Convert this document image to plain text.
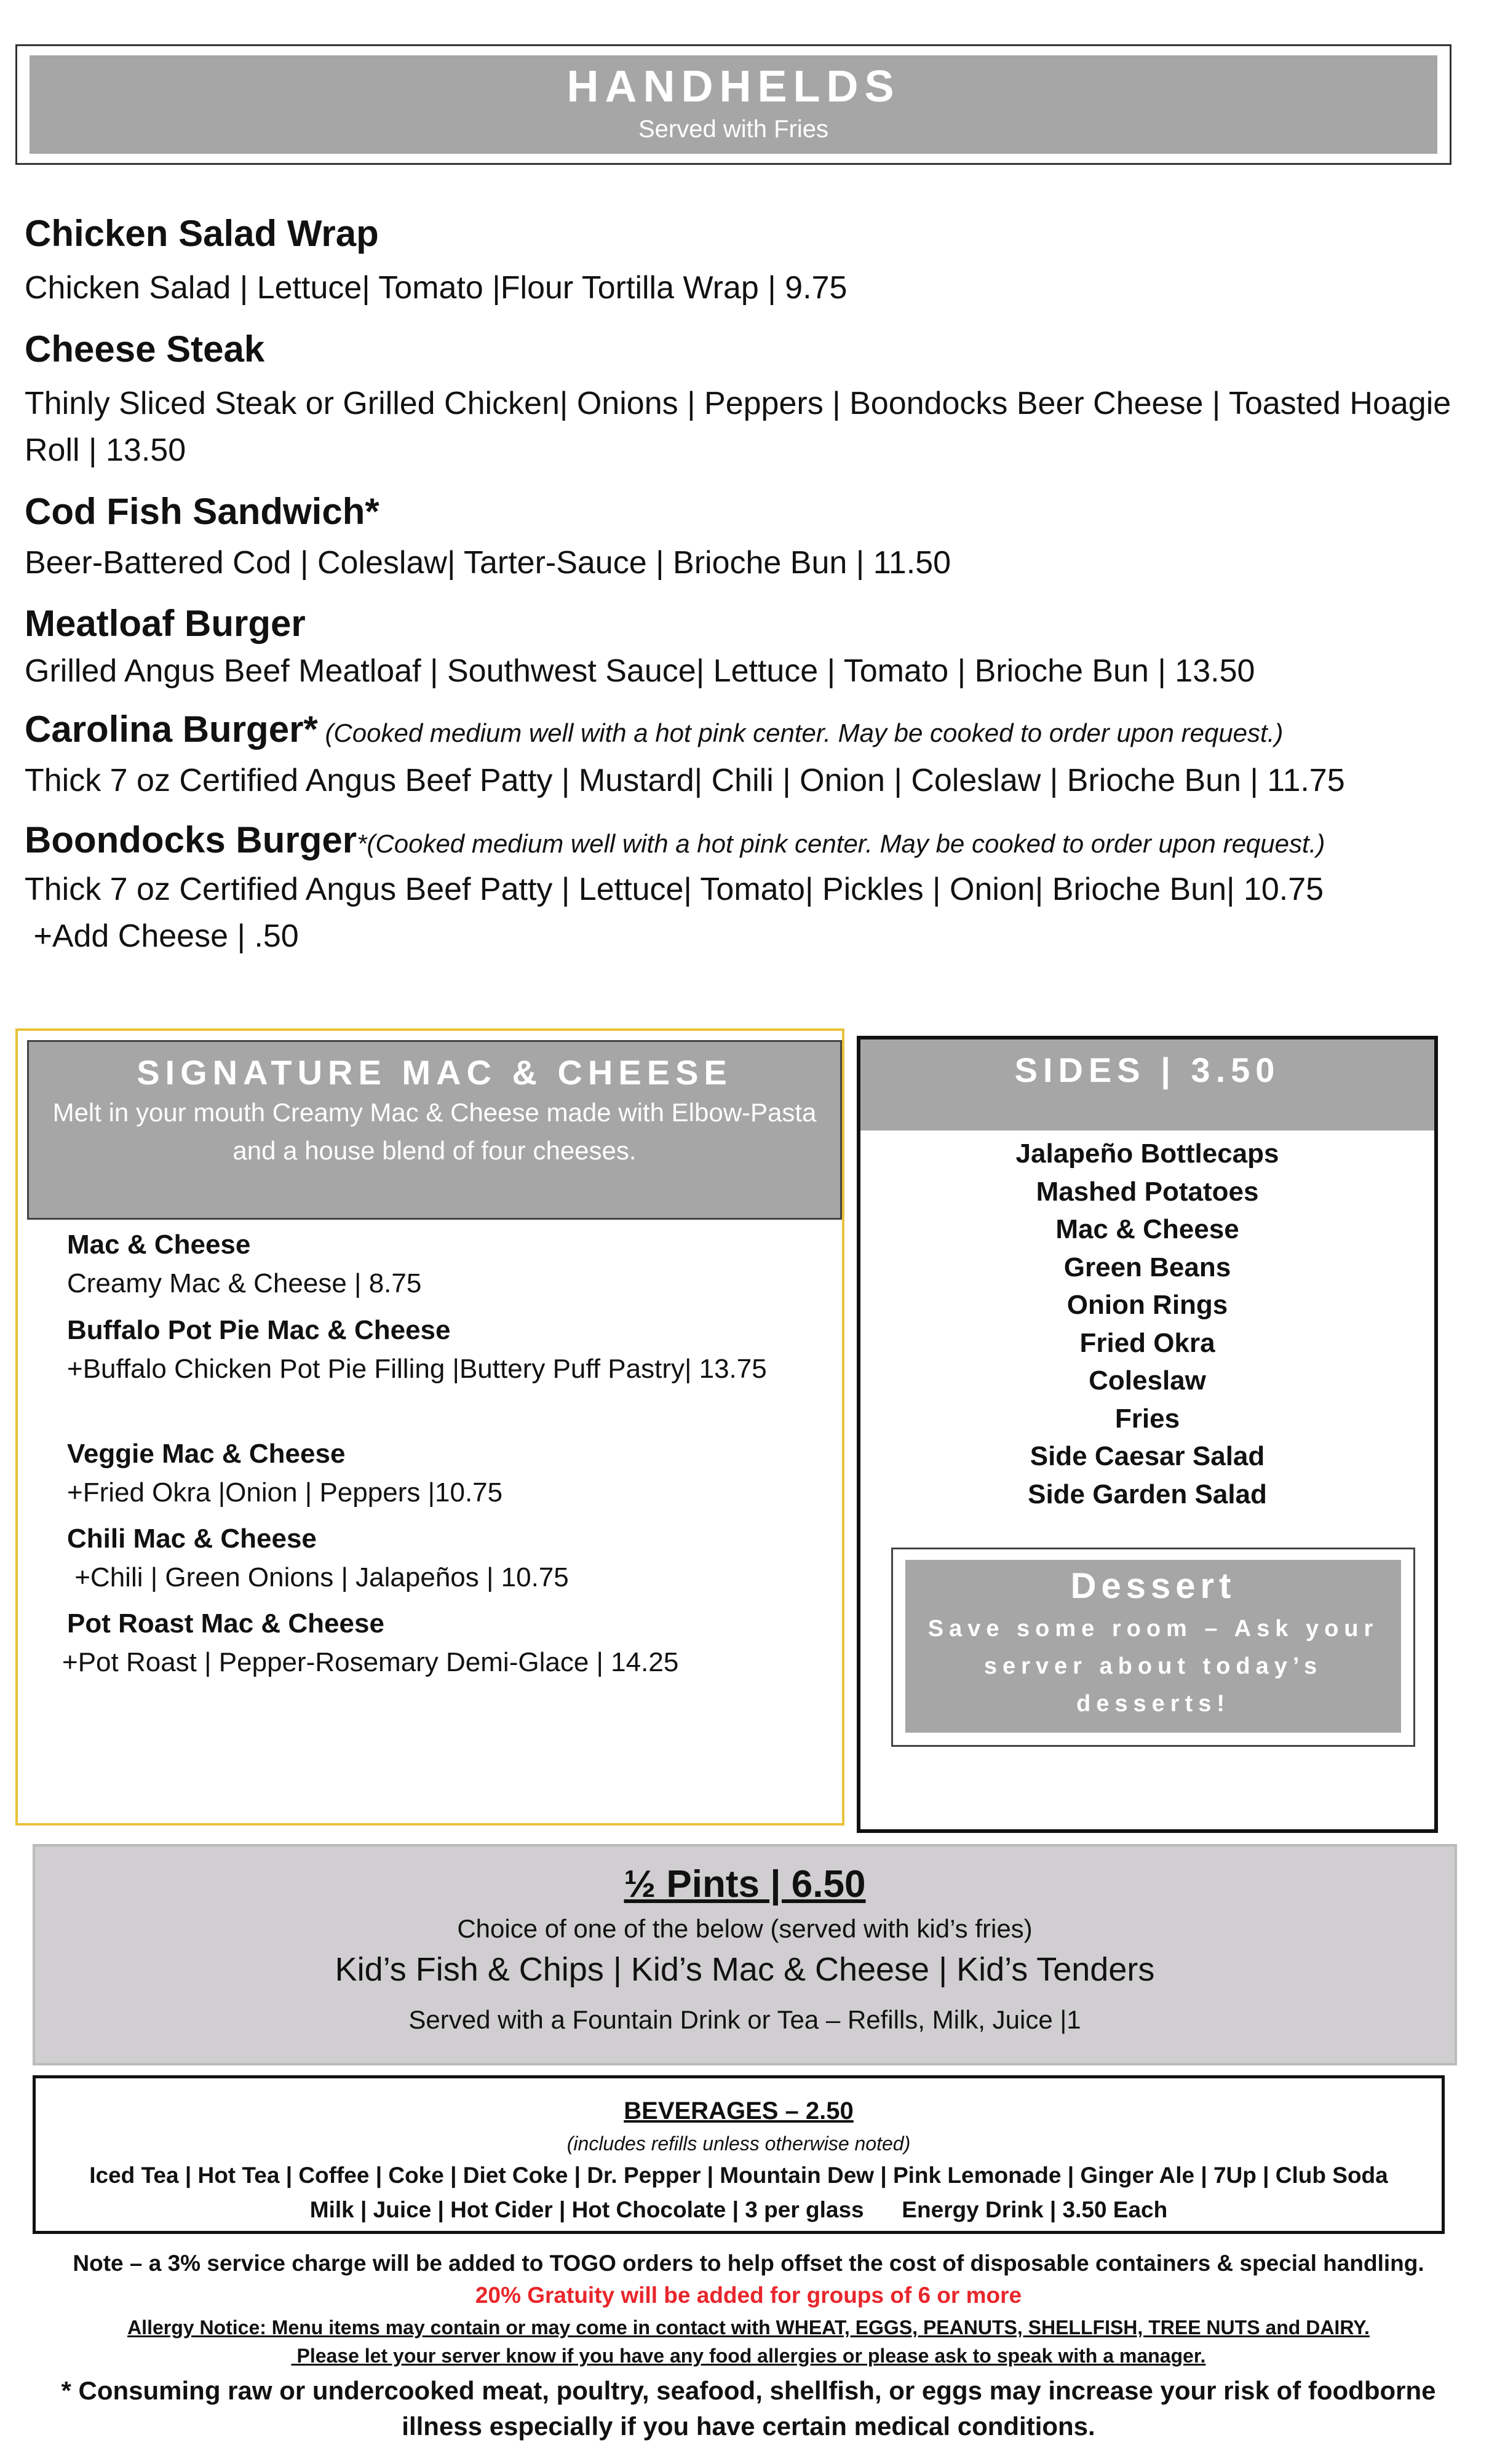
HANDHELDS
Served with Fries
Chicken Salad Wrap
Chicken Salad | Lettuce| Tomato |Flour Tortilla Wrap | 9.75
Cheese Steak
Thinly Sliced Steak or Grilled Chicken| Onions | Peppers | Boondocks Beer Cheese | Toasted Hoagie Roll | 13.50
Cod Fish Sandwich*
Beer-Battered Cod | Coleslaw| Tarter-Sauce | Brioche Bun | 11.50
Meatloaf Burger
Grilled Angus Beef Meatloaf | Southwest Sauce| Lettuce | Tomato | Brioche Bun | 13.50
Carolina Burger* (Cooked medium well with a hot pink center. May be cooked to order upon request.)
Thick 7 oz Certified Angus Beef Patty | Mustard| Chili | Onion | Coleslaw | Brioche Bun | 11.75
Boondocks Burger*(Cooked medium well with a hot pink center. May be cooked to order upon request.)
Thick 7 oz Certified Angus Beef Patty | Lettuce| Tomato| Pickles | Onion| Brioche Bun| 10.75
+Add Cheese | .50
SIGNATURE MAC & CHEESE
Melt in your mouth Creamy Mac & Cheese made with Elbow-Pasta and a house blend of four cheeses.
Mac & Cheese
Creamy Mac & Cheese | 8.75
Buffalo Pot Pie Mac & Cheese
+Buffalo Chicken Pot Pie Filling |Buttery Puff Pastry| 13.75
Veggie Mac & Cheese
+Fried Okra |Onion | Peppers |10.75
Chili Mac & Cheese
+Chili | Green Onions | Jalapeños | 10.75
Pot Roast Mac & Cheese
+Pot Roast | Pepper-Rosemary Demi-Glace | 14.25
SIDES | 3.50
Jalapeño Bottlecaps
Mashed Potatoes
Mac & Cheese
Green Beans
Onion Rings
Fried Okra
Coleslaw
Fries
Side Caesar Salad
Side Garden Salad
Dessert
Save some room – Ask your server about today’s desserts!
½ Pints | 6.50
Choice of one of the below (served with kid’s fries)
Kid’s Fish & Chips | Kid’s Mac & Cheese | Kid’s Tenders
Served with a Fountain Drink or Tea – Refills, Milk, Juice |1
BEVERAGES – 2.50
(includes refills unless otherwise noted)
Iced Tea | Hot Tea | Coffee | Coke | Diet Coke | Dr. Pepper | Mountain Dew | Pink Lemonade | Ginger Ale | 7Up | Club Soda
Milk | Juice | Hot Cider | Hot Chocolate | 3 per glass      Energy Drink | 3.50 Each
Note – a 3% service charge will be added to TOGO orders to help offset the cost of disposable containers & special handling.
20% Gratuity will be added for groups of 6 or more
Allergy Notice: Menu items may contain or may come in contact with WHEAT, EGGS, PEANUTS, SHELLFISH, TREE NUTS and DAIRY.
Please let your server know if you have any food allergies or please ask to speak with a manager.
* Consuming raw or undercooked meat, poultry, seafood, shellfish, or eggs may increase your risk of foodborne
illness especially if you have certain medical conditions.
